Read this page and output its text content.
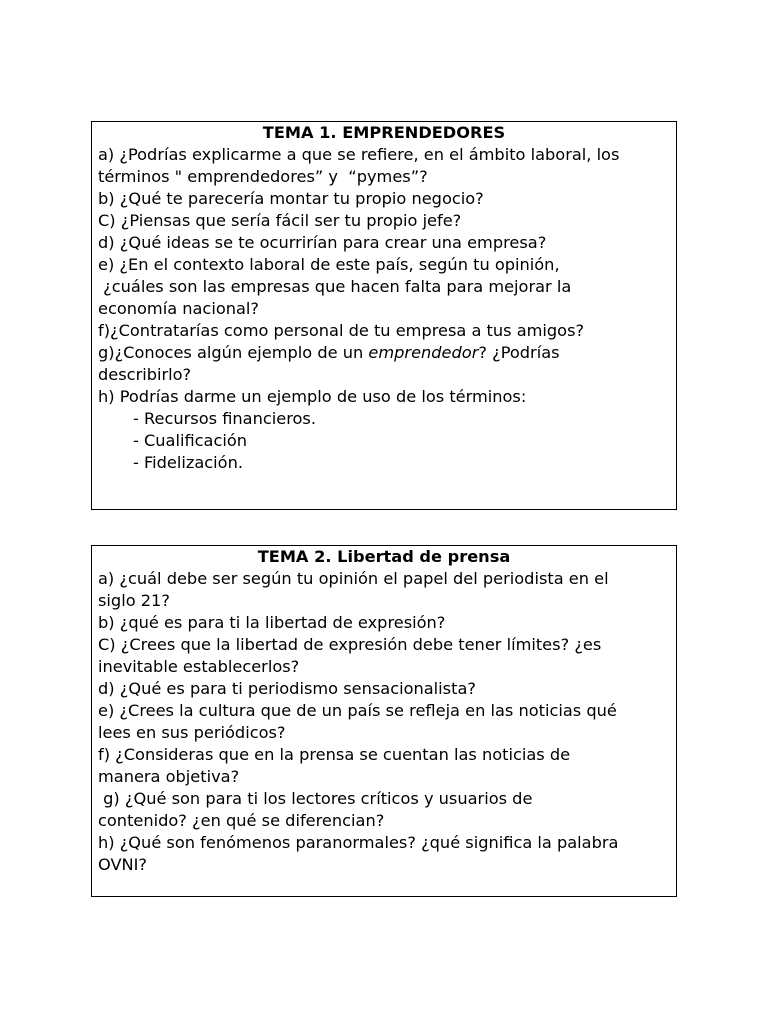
TEMA 1. EMPRENDEDORES

a) ¿Podrías explicarme a que se refiere, en el ámbito laboral, los

términos " emprendedores” y  “pymes”?

b) ¿Qué te parecería montar tu propio negocio?

C) ¿Piensas que sería fácil ser tu propio jefe?

d) ¿Qué ideas se te ocurrirían para crear una empresa?

e) ¿En el contexto laboral de este país, según tu opinión,

¿cuáles son las empresas que hacen falta para mejorar la

economía nacional?

f)¿Contratarías como personal de tu empresa a tus amigos?

g)¿Conoces algún ejemplo de un emprendedor? ¿Podrías

describirlo?

h) Podrías darme un ejemplo de uso de los términos:

- Recursos financieros.

- Cualificación

- Fidelización.

TEMA 2. Libertad de prensa

a) ¿cuál debe ser según tu opinión el papel del periodista en el

siglo 21?

b) ¿qué es para ti la libertad de expresión?

C) ¿Crees que la libertad de expresión debe tener límites? ¿es

inevitable establecerlos?

d) ¿Qué es para ti periodismo sensacionalista?

e) ¿Crees la cultura que de un país se refleja en las noticias qué

lees en sus periódicos?

f) ¿Consideras que en la prensa se cuentan las noticias de

manera objetiva?

g) ¿Qué son para ti los lectores críticos y usuarios de

contenido? ¿en qué se diferencian?

h) ¿Qué son fenómenos paranormales? ¿qué significa la palabra

OVNI?
